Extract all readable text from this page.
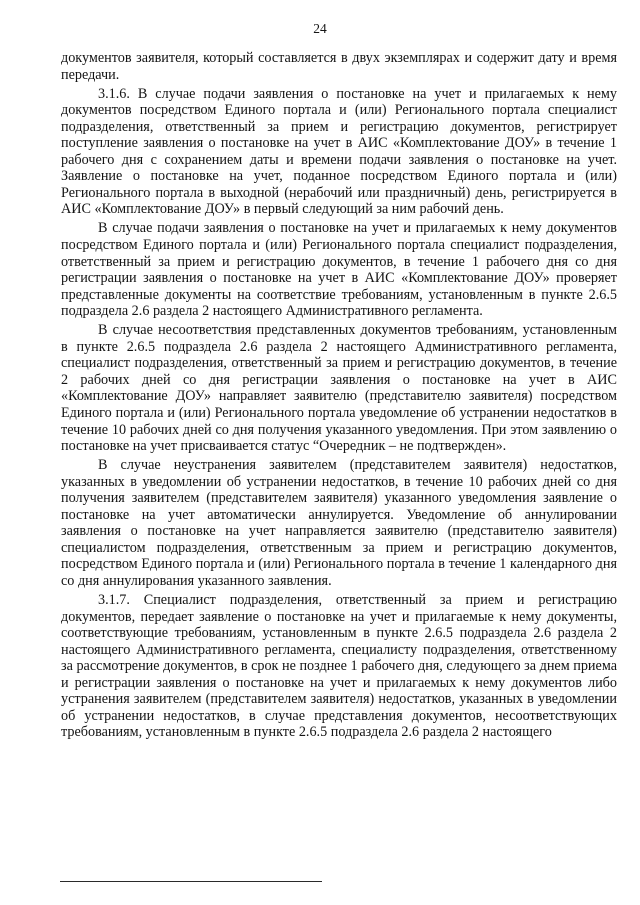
24

документов заявителя, который составляется в двух экземплярах и содержит дату и время передачи.

3.1.6. В случае подачи заявления о постановке на учет и прилагаемых к нему документов посредством Единого портала и (или) Регионального портала специалист подразделения, ответственный за прием и регистрацию документов, регистрирует поступление заявления о постановке на учет в АИС «Комплектование ДОУ» в течение 1 рабочего дня с сохранением даты и времени подачи заявления о постановке на учет. Заявление о постановке на учет, поданное посредством Единого портала и (или) Регионального портала в выходной (нерабочий или праздничный) день, регистрируется в АИС «Комплектование ДОУ» в первый следующий за ним рабочий день.

В случае подачи заявления о постановке на учет и прилагаемых к нему документов посредством Единого портала и (или) Регионального портала специалист подразделения, ответственный за прием и регистрацию документов, в течение 1 рабочего дня со дня регистрации заявления о постановке на учет в АИС «Комплектование ДОУ» проверяет представленные документы на соответствие требованиям, установленным в пункте 2.6.5 подраздела 2.6 раздела 2 настоящего Административного регламента.

В случае несоответствия представленных документов требованиям, установленным в пункте 2.6.5 подраздела 2.6 раздела 2 настоящего Административного регламента, специалист подразделения, ответственный за прием и регистрацию документов, в течение 2 рабочих дней со дня регистрации заявления о постановке на учет в АИС «Комплектование ДОУ» направляет заявителю (представителю заявителя) посредством Единого портала и (или) Регионального портала уведомление об устранении недостатков в течение 10 рабочих дней со дня получения указанного уведомления. При этом заявлению о постановке на учет присваивается статус “Очередник – не подтвержден».

В случае неустранения заявителем (представителем заявителя) недостатков, указанных в уведомлении об устранении недостатков, в течение 10 рабочих дней со дня получения заявителем (представителем заявителя) указанного уведомления заявление о постановке на учет автоматически аннулируется. Уведомление об аннулировании заявления о постановке на учет направляется заявителю (представителю заявителя) специалистом подразделения, ответственным за прием и регистрацию документов, посредством Единого портала и (или) Регионального портала в течение 1 календарного дня со дня аннулирования указанного заявления.

3.1.7. Специалист подразделения, ответственный за прием и регистрацию документов, передает заявление о постановке на учет и прилагаемые к нему документы, соответствующие требованиям, установленным в пункте 2.6.5 подраздела 2.6 раздела 2 настоящего Административного регламента, специалисту подразделения, ответственному за рассмотрение документов, в срок не позднее 1 рабочего дня, следующего за днем приема и регистрации заявления о постановке на учет и прилагаемых к нему документов либо устранения заявителем (представителем заявителя) недостатков, указанных в уведомлении об устранении недостатков, в случае представления документов, несоответствующих требованиям, установленным в пункте 2.6.5 подраздела 2.6 раздела 2 настоящего
